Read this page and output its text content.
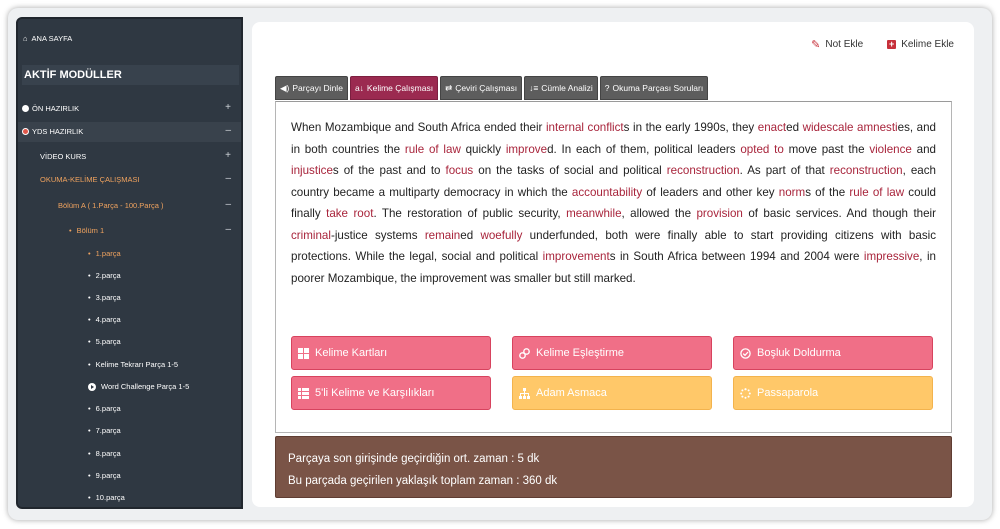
⌂ ANA SAYFA
AKTİF MODÜLLER
ÖN HAZIRLIK	+
YDS HAZIRLIK	–
VİDEO KURS	+
OKUMA-KELİME ÇALIŞMASI	–
Bölüm A ( 1.Parça - 100.Parça )	–
• Bölüm 1	–
• 1.parça
• 2.parça
• 3.parça
• 4.parça
• 5.parça
• Kelime Tekrarı Parça 1-5
Word Challenge Parça 1-5
• 6.parça
• 7.parça
• 8.parça
• 9.parça
• 10.parça
✎ Not Ekle	+ Kelime Ekle
◀) Parçayı Dinle a↓ Kelime Çalışması ⇄ Çeviri Çalışması ↓≡ Cümle Analizi ? Okuma Parçası Soruları
When Mozambique and South Africa ended their internal conflicts in the early 1990s, they enacted widescale amnesties, and in both countries the rule of law quickly improved. In each of them, political leaders opted to move past the violence and injustices of the past and to focus on the tasks of social and political reconstruction. As part of that reconstruction, each country became a multiparty democracy in which the accountability of leaders and other key norms of the rule of law could finally take root. The restoration of public security, meanwhile, allowed the provision of basic services. And though their criminal-justice systems remained woefully underfunded, both were finally able to start providing citizens with basic protections. While the legal, social and political improvements in South Africa between 1994 and 2004 were impressive, in poorer Mozambique, the improvement was smaller but still marked.
Kelime Kartları	Kelime Eşleştirme	Boşluk Doldurma
5'li Kelime ve Karşılıkları	Adam Asmaca	Passaparola
Parçaya son girişinde geçirdiğin ort. zaman : 5 dk
Bu parçada geçirilen yaklaşık toplam zaman : 360 dk
